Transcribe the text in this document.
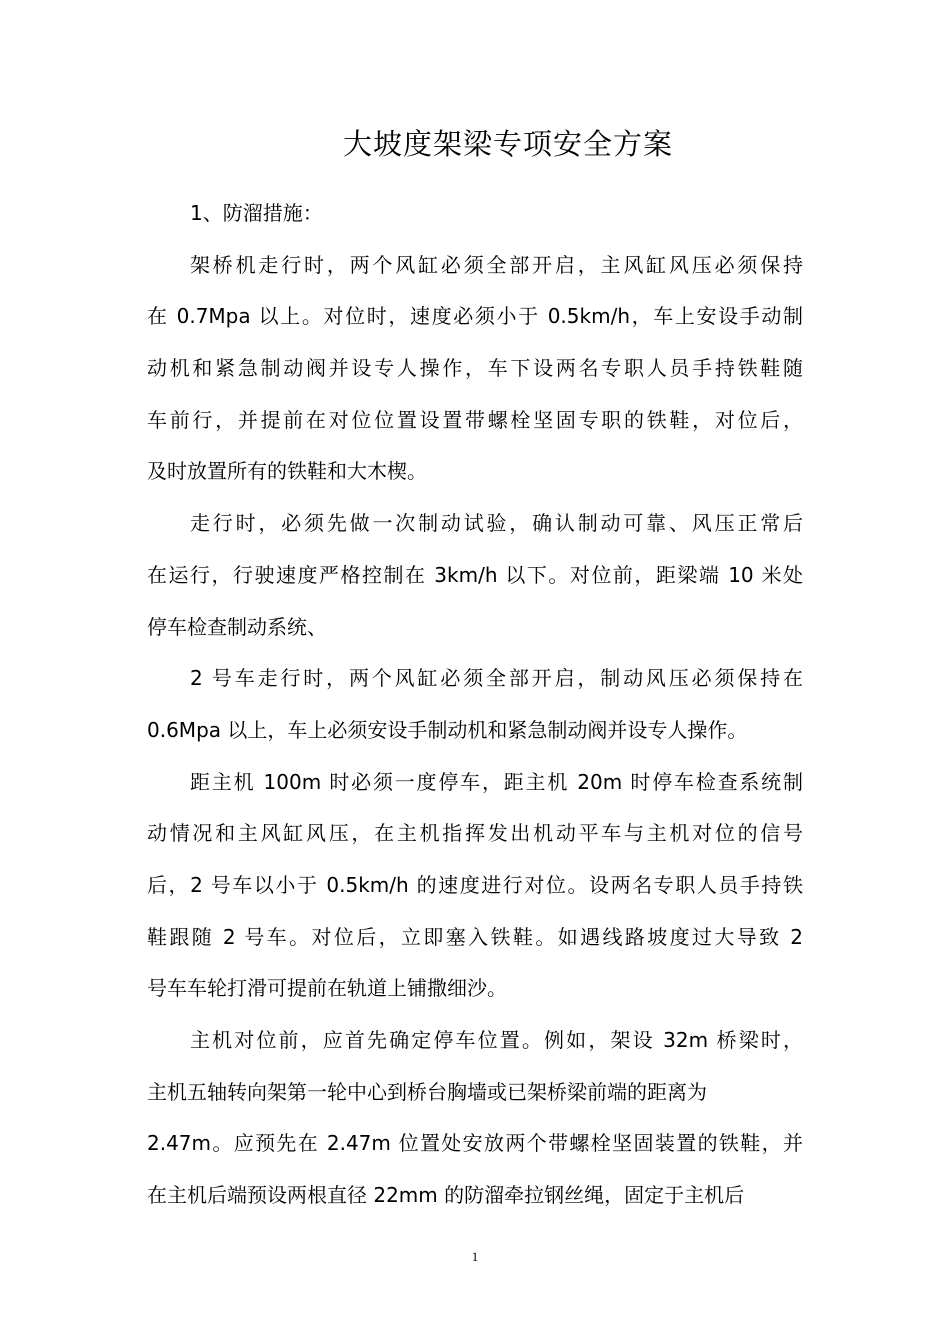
大坡度架梁专项安全方案
1、防溜措施：
架桥机走行时，两个风缸必须全部开启，主风缸风压必须保持
在 0.7Mpa 以上。对位时，速度必须小于 0.5km/h，车上安设手动制
动机和紧急制动阀并设专人操作，车下设两名专职人员手持铁鞋随
车前行，并提前在对位位置设置带螺栓坚固专职的铁鞋，对位后，
及时放置所有的铁鞋和大木楔。
走行时，必须先做一次制动试验，确认制动可靠、风压正常后
在运行，行驶速度严格控制在 3km/h 以下。对位前，距梁端 10 米处
停车检查制动系统、
2 号车走行时，两个风缸必须全部开启，制动风压必须保持在
0.6Mpa 以上，车上必须安设手制动机和紧急制动阀并设专人操作。
距主机 100m 时必须一度停车，距主机 20m 时停车检查系统制
动情况和主风缸风压，在主机指挥发出机动平车与主机对位的信号
后，2 号车以小于 0.5km/h 的速度进行对位。设两名专职人员手持铁
鞋跟随 2 号车。对位后，立即塞入铁鞋。如遇线路坡度过大导致 2
号车车轮打滑可提前在轨道上铺撒细沙。
主机对位前，应首先确定停车位置。例如，架设 32m 桥梁时，
主机五轴转向架第一轮中心到桥台胸墙或已架桥梁前端的距离为
2.47m。应预先在 2.47m 位置处安放两个带螺栓坚固装置的铁鞋，并
在主机后端预设两根直径 22mm 的防溜牵拉钢丝绳，固定于主机后
1
